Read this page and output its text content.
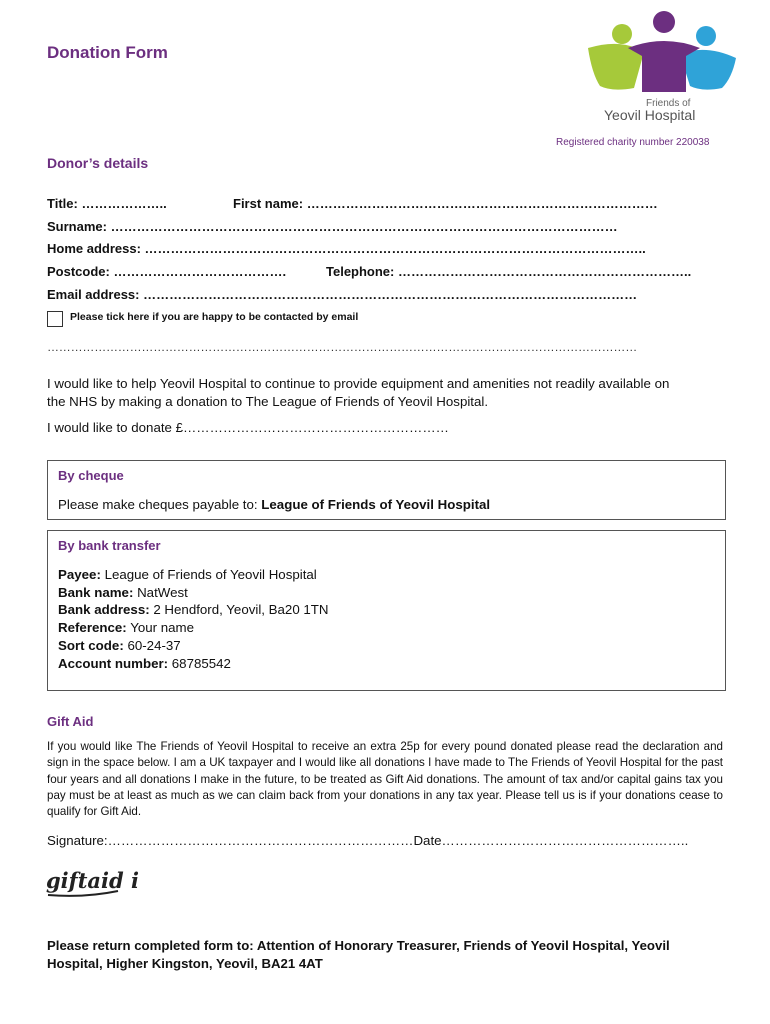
Donation Form
Friends of
Yeovil Hospital
Registered charity number 220038
Donor’s details
Title: ………………..	First name: ………………………………………………………………………
Surname: ………………………………………………………………………………………………………
Home address: ……………………………………………………………………………………………………..
Postcode: ………………………………….	Telephone: …………………………………………………………..
Email address: ……………………………………………………………………………………………………
Please tick here if you are happy to be contacted by email
……………………………………………………………………………………………………………………………………
I would like to help Yeovil Hospital to continue to provide equipment and amenities not readily available on
the NHS by making a donation to The League of Friends of Yeovil Hospital.
I would like to donate £……………………………………………………
By cheque
Please make cheques payable to: League of Friends of Yeovil Hospital
By bank transfer
Payee: League of Friends of Yeovil Hospital
Bank name: NatWest
Bank address: 2 Hendford, Yeovil, Ba20 1TN
Reference: Your name
Sort code: 60-24-37
Account number: 68785542
Gift Aid
If you would like The Friends of Yeovil Hospital to receive an extra 25p for every pound donated please read the declaration and sign in the space below. I am a UK taxpayer and I would like all donations I have made to The Friends of Yeovil Hospital for the past four years and all donations I make in the future, to be treated as Gift Aid donations. The amount of tax and/or capital gains tax you pay must be at least as much as we can claim back from your donations in any tax year. Please tell us is if your donations cease to qualify for Gift Aid.
Signature:……………………………………………………………Date………………………………………………..
giftaid it
Please return completed form to: Attention of Honorary Treasurer, Friends of Yeovil Hospital, Yeovil Hospital, Higher Kingston, Yeovil, BA21 4AT
